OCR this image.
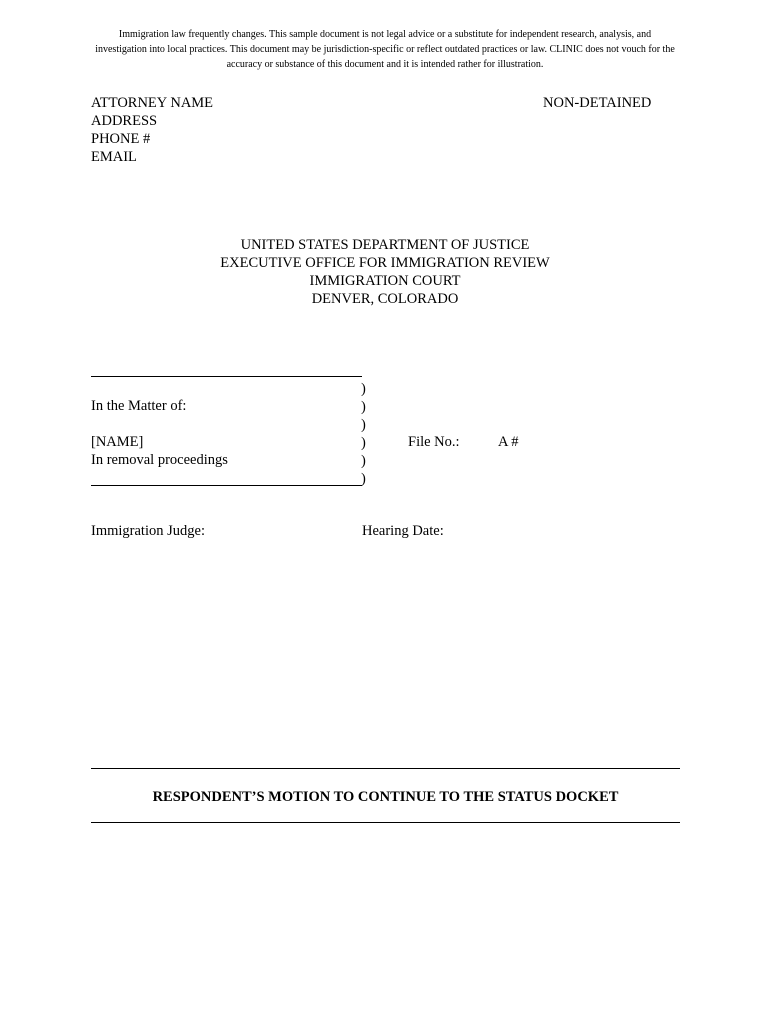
Immigration law frequently changes. This sample document is not legal advice or a substitute for independent research, analysis, and investigation into local practices. This document may be jurisdiction-specific or reflect outdated practices or law. CLINIC does not vouch for the accuracy or substance of this document and it is intended rather for illustration.
ATTORNEY NAME
ADDRESS
PHONE #
EMAIL
NON-DETAINED
UNITED STATES DEPARTMENT OF JUSTICE
EXECUTIVE OFFICE FOR IMMIGRATION REVIEW
IMMIGRATION COURT
DENVER, COLORADO
In the Matter of:
[NAME]
In removal proceedings
)
)
)
)
)
)
File No.:	A #
Immigration Judge:	Hearing Date:
RESPONDENT’S MOTION TO CONTINUE TO THE STATUS DOCKET
